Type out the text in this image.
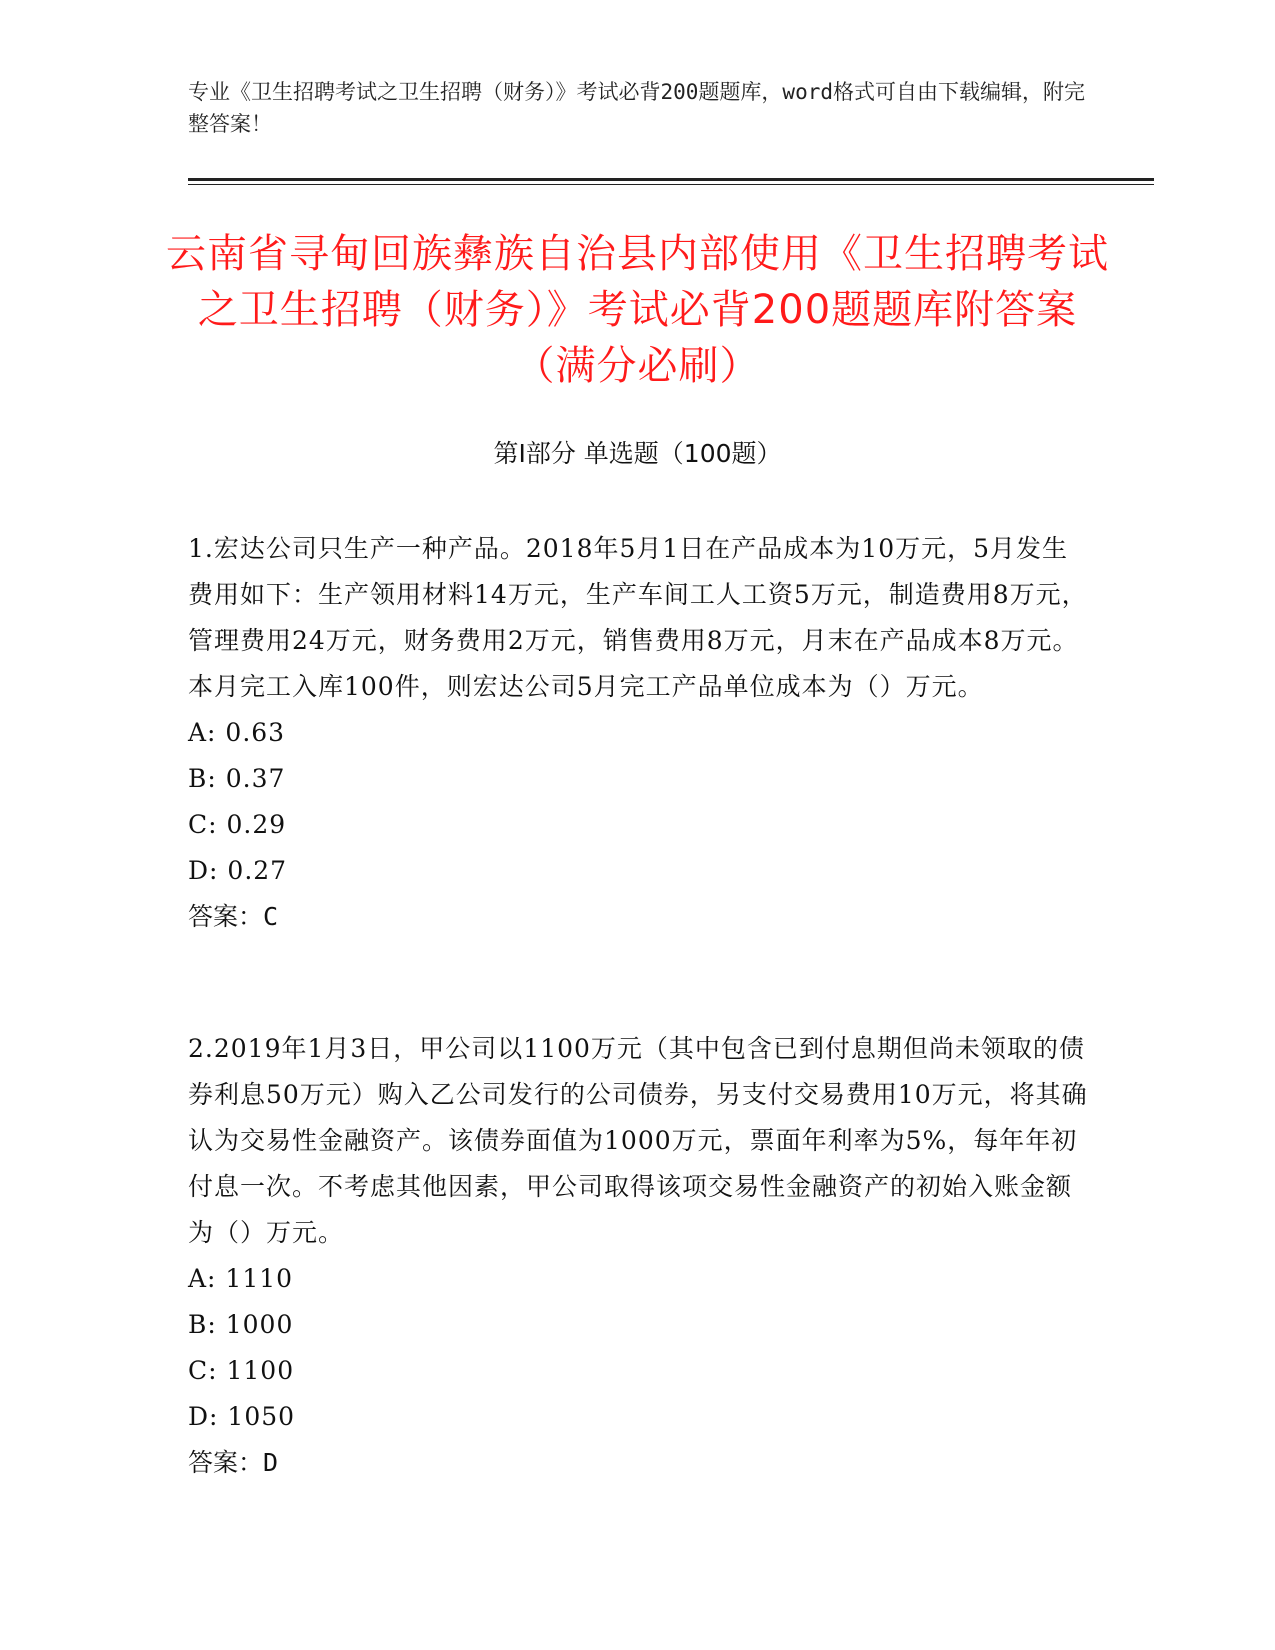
专业《卫生招聘考试之卫生招聘（财务）》考试必背200题题库，word格式可自由下载编辑，附完整答案！
云南省寻甸回族彝族自治县内部使用《卫生招聘考试之卫生招聘（财务）》考试必背200题题库附答案（满分必刷）
第Ⅰ部分 单选题（100题）

1.宏达公司只生产一种产品。2018年5月1日在产品成本为10万元，5月发生费用如下：生产领用材料14万元，生产车间工人工资5万元，制造费用8万元，管理费用24万元，财务费用2万元，销售费用8万元，月末在产品成本8万元。本月完工入库100件，则宏达公司5月完工产品单位成本为（）万元。

A: 0.63

B: 0.37

C: 0.29

D: 0.27

答案：C

2.2019年1月3日，甲公司以1100万元（其中包含已到付息期但尚未领取的债券利息50万元）购入乙公司发行的公司债券，另支付交易费用10万元，将其确认为交易性金融资产。该债券面值为1000万元，票面年利率为5%，每年年初付息一次。不考虑其他因素，甲公司取得该项交易性金融资产的初始入账金额为（）万元。

A: 1110

B: 1000

C: 1100

D: 1050

答案：D
